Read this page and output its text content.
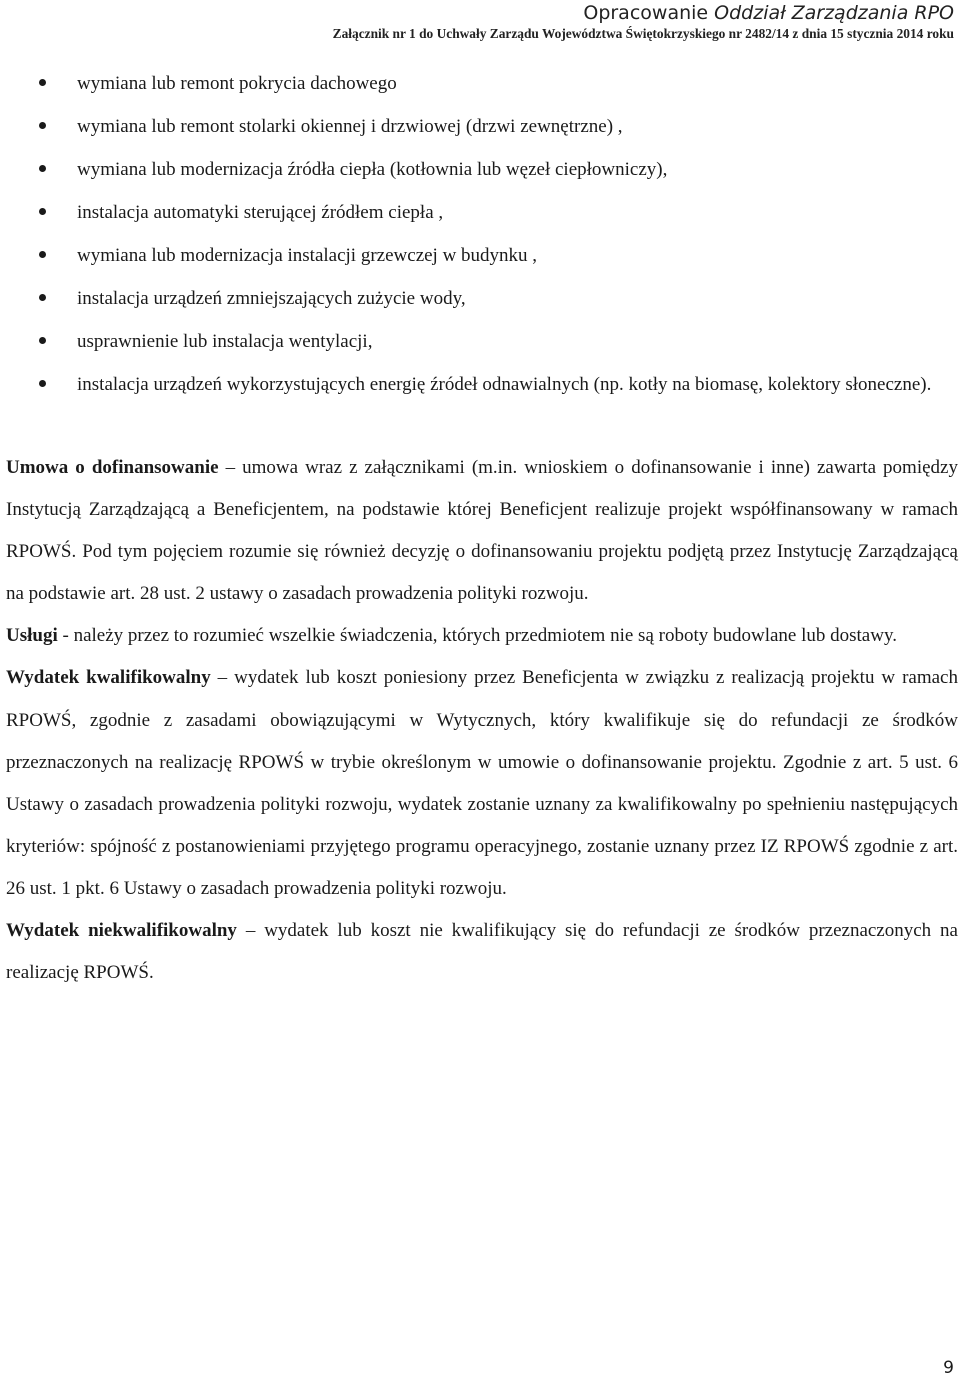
Opracowanie Oddział Zarządzania RPO
Załącznik nr 1 do Uchwały Zarządu Województwa Świętokrzyskiego nr 2482/14 z dnia 15 stycznia 2014 roku
wymiana lub remont pokrycia dachowego
wymiana lub remont stolarki okiennej i drzwiowej (drzwi zewnętrzne) ,
wymiana lub modernizacja źródła ciepła (kotłownia lub węzeł ciepłowniczy),
instalacja automatyki sterującej źródłem ciepła ,
wymiana lub modernizacja instalacji grzewczej w budynku ,
instalacja urządzeń zmniejszających zużycie wody,
usprawnienie lub instalacja wentylacji,
instalacja urządzeń wykorzystujących energię źródeł odnawialnych (np. kotły na biomasę, kolektory słoneczne).

Umowa o dofinansowanie – umowa wraz z załącznikami (m.in. wnioskiem o dofinansowanie i inne) zawarta pomiędzy Instytucją Zarządzającą a Beneficjentem, na podstawie której Beneficjent realizuje projekt współfinansowany w ramach RPOWŚ. Pod tym pojęciem rozumie się również decyzję o dofinansowaniu projektu podjętą przez Instytucję Zarządzającą na podstawie art. 28 ust. 2 ustawy o zasadach prowadzenia polityki rozwoju.

Usługi - należy przez to rozumieć wszelkie świadczenia, których przedmiotem nie są roboty budowlane lub dostawy.

Wydatek kwalifikowalny – wydatek lub koszt poniesiony przez Beneficjenta w związku z realizacją projektu w ramach RPOWŚ, zgodnie z zasadami obowiązującymi w Wytycznych, który kwalifikuje się do refundacji ze środków przeznaczonych na realizację RPOWŚ w trybie określonym w umowie o dofinansowanie projektu. Zgodnie z art. 5 ust. 6 Ustawy o zasadach prowadzenia polityki rozwoju, wydatek zostanie uznany za kwalifikowalny po spełnieniu następujących kryteriów: spójność z postanowieniami przyjętego programu operacyjnego, zostanie uznany przez IZ RPOWŚ zgodnie z art. 26 ust. 1 pkt. 6 Ustawy o zasadach prowadzenia polityki rozwoju.

Wydatek niekwalifikowalny – wydatek lub koszt nie kwalifikujący się do refundacji ze środków przeznaczonych na realizację RPOWŚ.

9
